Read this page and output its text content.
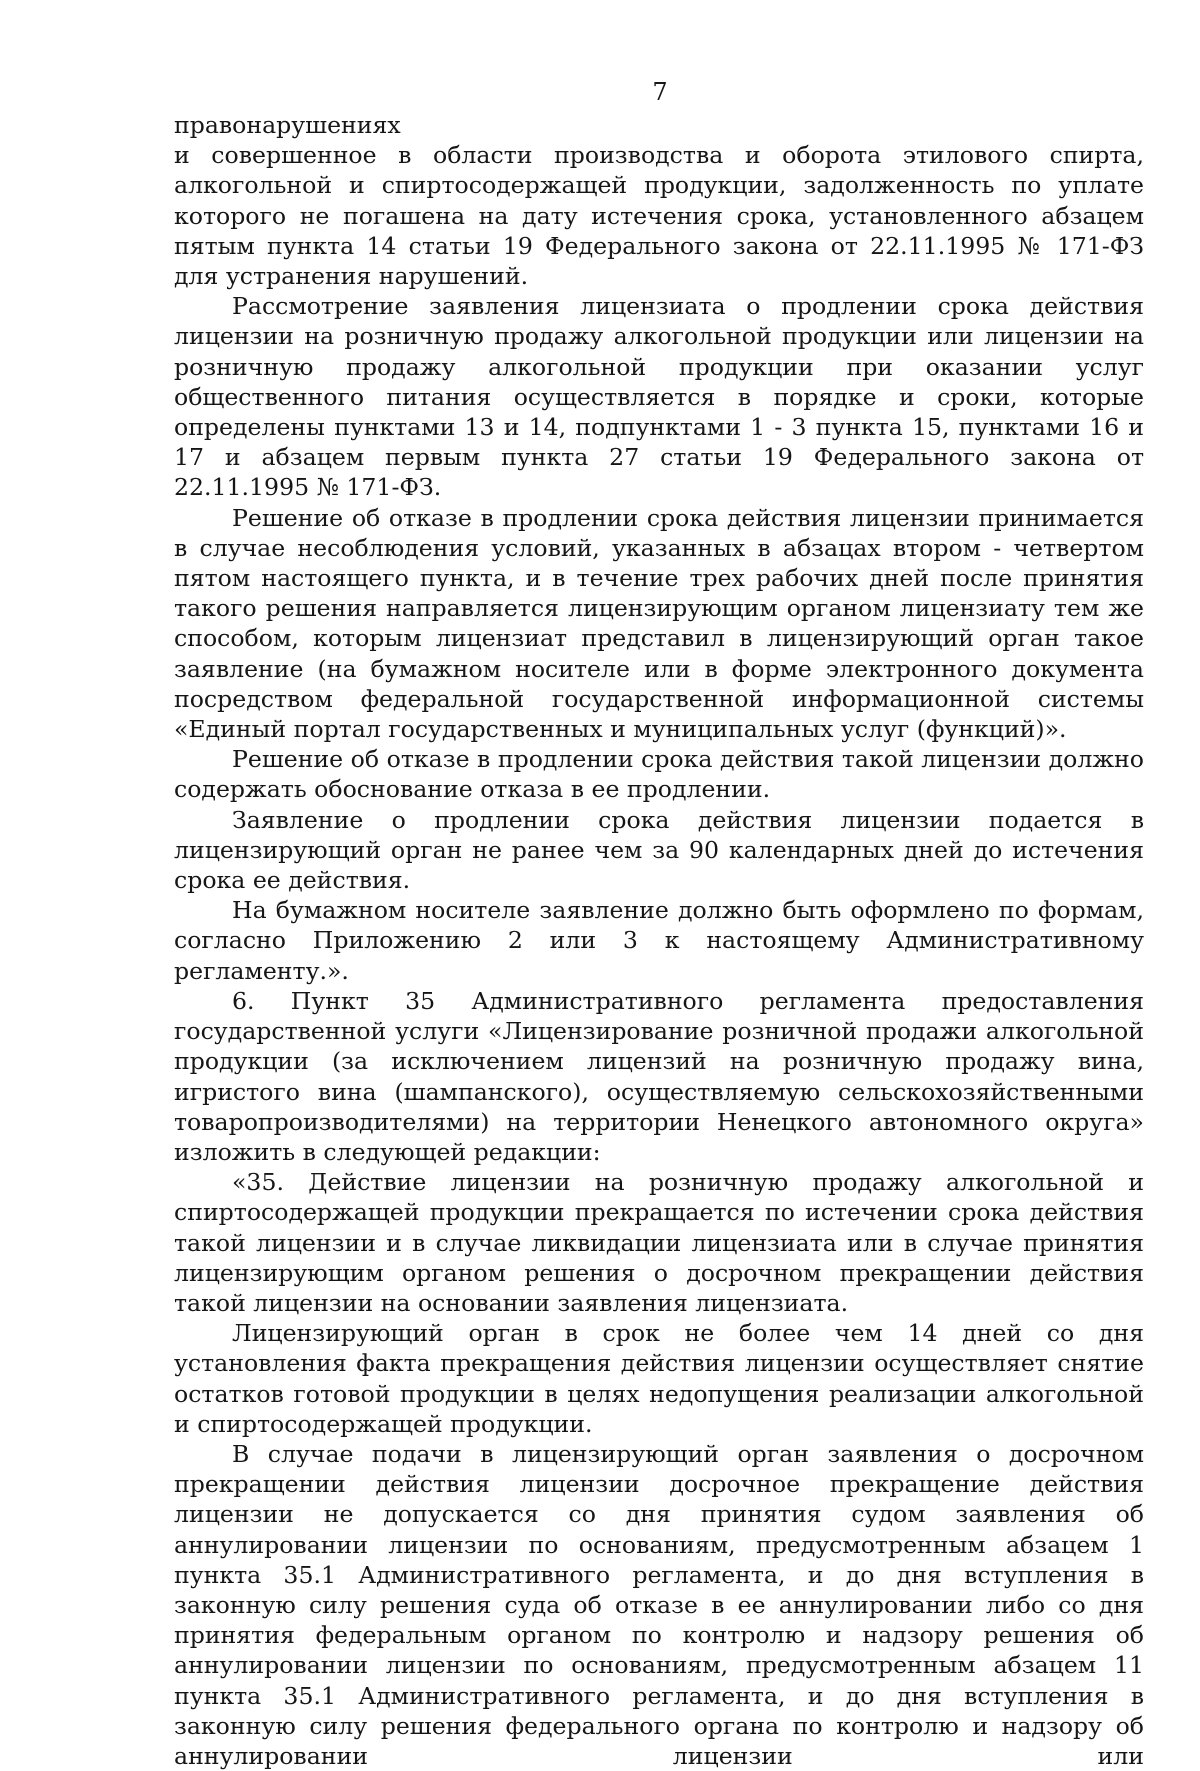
7

правонарушениях

и совершенное в области производства и оборота этилового спирта, алкогольной и спиртосодержащей продукции, задолженность по уплате которого не погашена на дату истечения срока, установленного абзацем пятым пункта 14 статьи 19 Федерального закона от 22.11.1995 № 171-ФЗ для устранения нарушений.

Рассмотрение заявления лицензиата о продлении срока действия лицензии на розничную продажу алкогольной продукции или лицензии на розничную продажу алкогольной продукции при оказании услуг общественного питания осуществляется в порядке и сроки, которые определены пунктами 13 и 14, подпунктами 1 - 3 пункта 15, пунктами 16 и 17 и абзацем первым пункта 27 статьи 19 Федерального закона от 22.11.1995 № 171-ФЗ.

Решение об отказе в продлении срока действия лицензии принимается в случае несоблюдения условий, указанных в абзацах втором - четвертом пятом настоящего пункта, и в течение трех рабочих дней после принятия такого решения направляется лицензирующим органом лицензиату тем же способом, которым лицензиат представил в лицензирующий орган такое заявление (на бумажном носителе или в форме электронного документа посредством федеральной государственной информационной системы «Единый портал государственных и муниципальных услуг (функций)».

Решение об отказе в продлении срока действия такой лицензии должно содержать обоснование отказа в ее продлении.

Заявление о продлении срока действия лицензии подается в лицензирующий орган не ранее чем за 90 календарных дней до истечения срока ее действия.

На бумажном носителе заявление должно быть оформлено по формам, согласно Приложению 2 или 3 к настоящему Административному регламенту.».

6. Пункт 35 Административного регламента предоставления государственной услуги «Лицензирование розничной продажи алкогольной продукции (за исключением лицензий на розничную продажу вина, игристого вина (шампанского), осуществляемую сельскохозяйственными товаропроизводителями) на территории Ненецкого автономного округа» изложить в следующей редакции:

«35. Действие лицензии на розничную продажу алкогольной и спиртосодержащей продукции прекращается по истечении срока действия такой лицензии и в случае ликвидации лицензиата или в случае принятия лицензирующим органом решения о досрочном прекращении действия такой лицензии на основании заявления лицензиата.

Лицензирующий орган в срок не более чем 14 дней со дня установления факта прекращения действия лицензии осуществляет снятие остатков готовой продукции в целях недопущения реализации алкогольной и спиртосодержащей продукции.

В случае подачи в лицензирующий орган заявления о досрочном прекращении действия лицензии досрочное прекращение действия лицензии не допускается со дня принятия судом заявления об аннулировании лицензии по основаниям, предусмотренным абзацем 1 пункта 35.1 Административного регламента, и до дня вступления в законную силу решения суда об отказе в ее аннулировании либо со дня принятия федеральным органом по контролю и надзору решения об аннулировании лицензии по основаниям, предусмотренным абзацем 11 пункта 35.1 Административного регламента, и до дня вступления в законную силу решения федерального органа по контролю и надзору об аннулировании лицензии или
